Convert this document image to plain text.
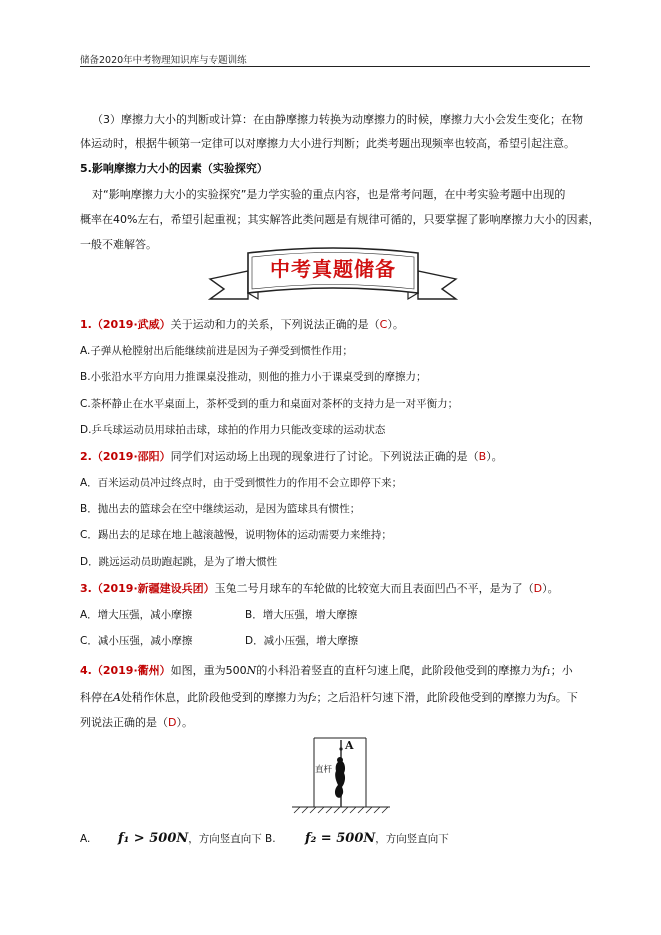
储备2020年中考物理知识库与专题训练
（3）摩擦力大小的判断或计算：在由静摩擦力转换为动摩擦力的时候，摩擦力大小会发生变化；在物
体运动时，根据牛顿第一定律可以对摩擦力大小进行判断；此类考题出现频率也较高，希望引起注意。
5.影响摩擦力大小的因素（实验探究）
对“影响摩擦力大小的实验探究”是力学实验的重点内容，也是常考问题，在中考实验考题中出现的
概率在40%左右，希望引起重视；其实解答此类问题是有规律可循的，只要掌握了影响摩擦力大小的因素，
一般不难解答。
中考真题储备
1.（2019·武威）关于运动和力的关系，下列说法正确的是（C）。
A.子弹从枪膛射出后能继续前进是因为子弹受到惯性作用；
B.小张沿水平方向用力推课桌没推动，则他的推力小于课桌受到的摩擦力；
C.茶杯静止在水平桌面上，茶杯受到的重力和桌面对茶杯的支持力是一对平衡力；
D.乒乓球运动员用球拍击球，球拍的作用力只能改变球的运动状态
2.（2019·邵阳）同学们对运动场上出现的现象进行了讨论。下列说法正确的是（B）。
A．百米运动员冲过终点时，由于受到惯性力的作用不会立即停下来；
B．抛出去的篮球会在空中继续运动，是因为篮球具有惯性；
C．踢出去的足球在地上越滚越慢，说明物体的运动需要力来维持；
D．跳远运动员助跑起跳，是为了增大惯性
3.（2019·新疆建设兵团）玉兔二号月球车的车轮做的比较宽大而且表面凹凸不平，是为了（D）。
A．增大压强，减小摩擦	B．增大压强，增大摩擦
C．减小压强，减小摩擦	D．减小压强，增大摩擦
4.（2019·衢州）如图，重为500N的小科沿着竖直的直杆匀速上爬，此阶段他受到的摩擦力为f₁；小
科停在A处稍作休息，此阶段他受到的摩擦力为f₂；之后沿杆匀速下滑，此阶段他受到的摩擦力为f₃。下
列说法正确的是（D）。
A
直杆
A. f₁ > 500N，方向竖直向下 B. f₂ = 500N，方向竖直向下
